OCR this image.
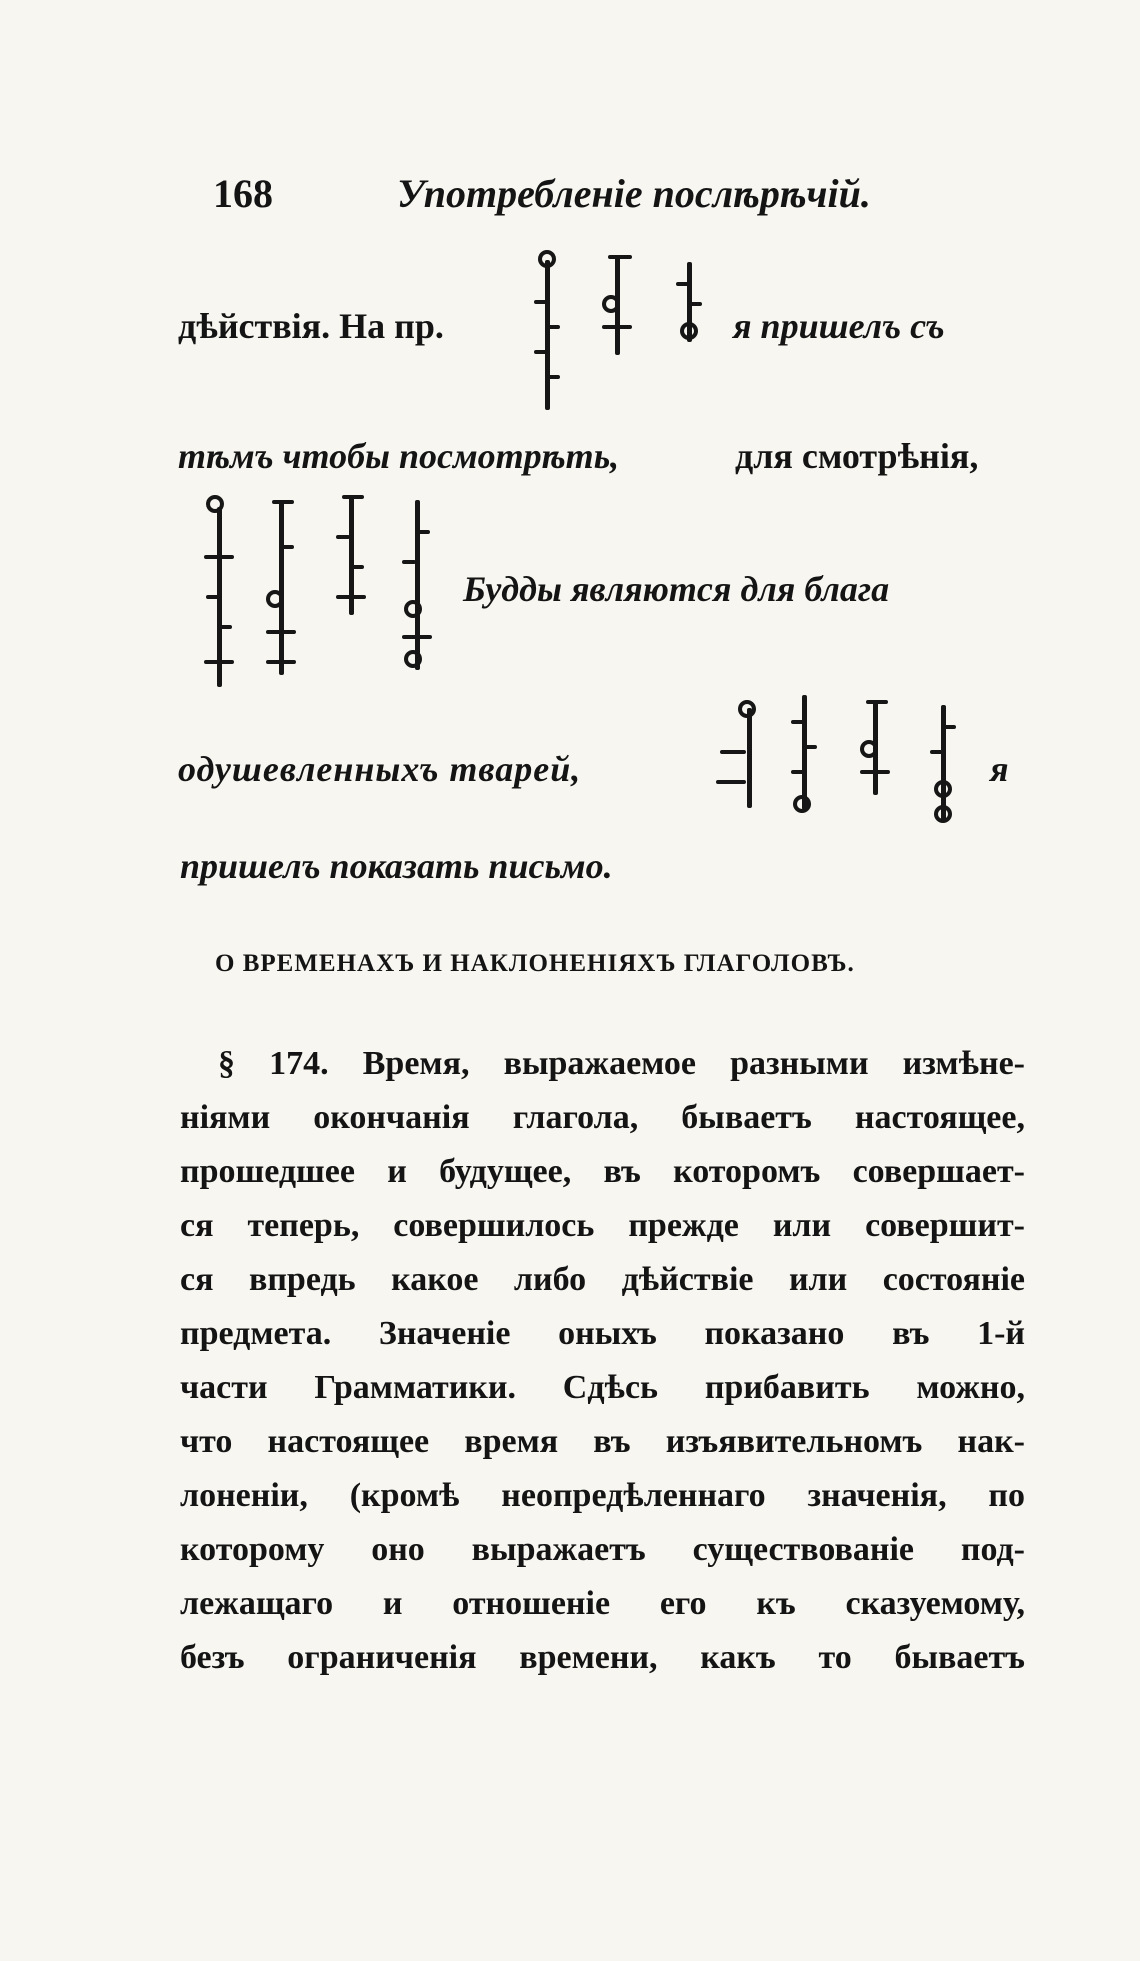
168	Употребленіе послѣрѣчій.
дѣйствія. На пр.	я пришелъ съ
тѣмъ чтобы посмотрѣть,	для смотрѣнія,
Будды являются для блага
одушевленныхъ тварей,	я
пришелъ показать письмо.
О ВРЕМЕНАХЪ И НАКЛОНЕНІЯХЪ ГЛАГОЛОВЪ.
§ 174. Время, выражаемое разными измѣне-
ніями окончанія глагола, бываетъ настоящее,
прошедшее и будущее, въ которомъ совершает-
ся теперь, совершилось прежде или совершит-
ся впредь какое либо дѣйствіе или состояніе
предмета. Значеніе оныхъ показано въ 1-й
части Грамматики. Сдѣсь прибавить можно,
что настоящее время въ изъявительномъ нак-
лоненіи, (кромѣ неопредѣленнаго значенія, по
которому оно выражаетъ существованіе под-
лежащаго и отношеніе его къ сказуемому,
безъ ограниченія времени, какъ то бываетъ
